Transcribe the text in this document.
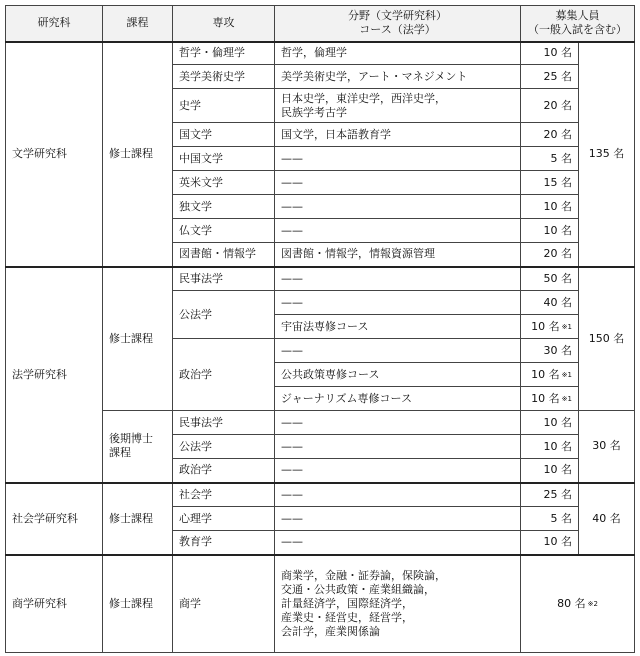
研究科	課程	専攻	分野（文学研究科）
コース（法学）	募集人員
（一般入試を含む）	

文学研究科	修士課程	哲学・倫理学	哲学，倫理学	10 名	135 名
		美学美術史学	美学美術史学，アート・マネジメント	25 名	
		史学	日本史学，東洋史学，西洋史学，
民族学考古学	20 名	
		国文学	国文学，日本語教育学	20 名	
		中国文学	——	5 名	
		英米文学	——	15 名	
		独文学	——	10 名	
		仏文学	——	10 名	
		図書館・情報学	図書館・情報学，情報資源管理	20 名	
法学研究科	修士課程	民事法学	——	50 名	150 名
		公法学	——	40 名	
			宇宙法専修コース	10 名 $^{※1}$
		政治学	——	30 名	
			公共政策専修コース	10 名 $^{※1}$
			ジャーナリズム専修コース	10 名 $^{※1}$

	後期博士
課程	民事法学	——	10 名	30 名
		公法学	——	10 名	
		政治学	——	10 名	
社会学研究科	修士課程	社会学	——	25 名	40 名
		心理学	——	5 名	
		教育学	——	10 名	
商学研究科	修士課程	商学	商業学，金融・証券論，保険論，
交通・公共政策・産業組織論，
計量経済学，国際経済学，
産業史・経営史，経営学，
会計学，産業関係論	80 名 $^{※2}$
